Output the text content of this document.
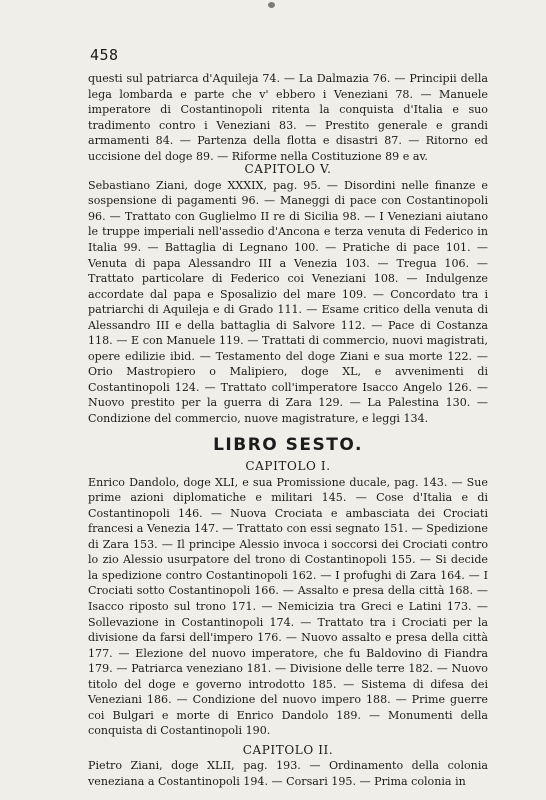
458

questi sul patriarca d'Aquileja 74. — La Dalmazia 76. — Principii della lega lombarda e parte che v' ebbero i Veneziani 78. — Manuele imperatore di Costantinopoli ritenta la conquista d'Italia e suo tradimento contro i Veneziani 83. — Prestito generale e grandi armamenti 84. — Partenza della flotta e disastri 87. — Ritorno ed uccisione del doge 89. — Riforme nella Costituzione 89 e av.

CAPITOLO V.

Sebastiano Ziani, doge XXXIX, pag. 95. — Disordini nelle finanze e sospensione di pagamenti 96. — Maneggi di pace con Costantinopoli 96. — Trattato con Guglielmo II re di Sicilia 98. — I Veneziani aiutano le truppe imperiali nell'assedio d'Ancona e terza venuta di Federico in Italia 99. — Battaglia di Legnano 100. — Pratiche di pace 101. — Venuta di papa Alessandro III a Venezia 103. — Tregua 106. — Trattato particolare di Federico coi Veneziani 108. — Indulgenze accordate dal papa e Sposalizio del mare 109. — Concordato tra i patriarchi di Aquileja e di Grado 111. — Esame critico della venuta di Alessandro III e della battaglia di Salvore 112. — Pace di Costanza 118. — E con Manuele 119. — Trattati di commercio, nuovi magistrati, opere edilizie ibid. — Testamento del doge Ziani e sua morte 122. — Orio Mastropiero o Malipiero, doge XL, e avvenimenti di Costantinopoli 124. — Trattato coll'imperatore Isacco Angelo 126. — Nuovo prestito per la guerra di Zara 129. — La Palestina 130. — Condizione del commercio, nuove magistrature, e leggi 134.

LIBRO SESTO.

CAPITOLO I.

Enrico Dandolo, doge XLI, e sua Promissione ducale, pag. 143. — Sue prime azioni diplomatiche e militari 145. — Cose d'Italia e di Costantinopoli 146. — Nuova Crociata e ambasciata dei Crociati francesi a Venezia 147. — Trattato con essi segnato 151. — Spedizione di Zara 153. — Il principe Alessio invoca i soccorsi dei Crociati contro lo zio Alessio usurpatore del trono di Costantinopoli 155. — Si decide la spedizione contro Costantinopoli 162. — I profughi di Zara 164. — I Crociati sotto Costantinopoli 166. — Assalto e presa della città 168. — Isacco riposto sul trono 171. — Nemicizia tra Greci e Latini 173. — Sollevazione in Costantinopoli 174. — Trattato tra i Crociati per la divisione da farsi dell'impero 176. — Nuovo assalto e presa della città 177. — Elezione del nuovo imperatore, che fu Baldovino di Fiandra 179. — Patriarca veneziano 181. — Divisione delle terre 182. — Nuovo titolo del doge e governo introdotto 185. — Sistema di difesa dei Veneziani 186. — Condizione del nuovo impero 188. — Prime guerre coi Bulgari e morte di Enrico Dandolo 189. — Monumenti della conquista di Costantinopoli 190.

CAPITOLO II.

Pietro Ziani, doge XLII, pag. 193. — Ordinamento della colonia veneziana a Costantinopoli 194. — Corsari 195. — Prima colonia in
